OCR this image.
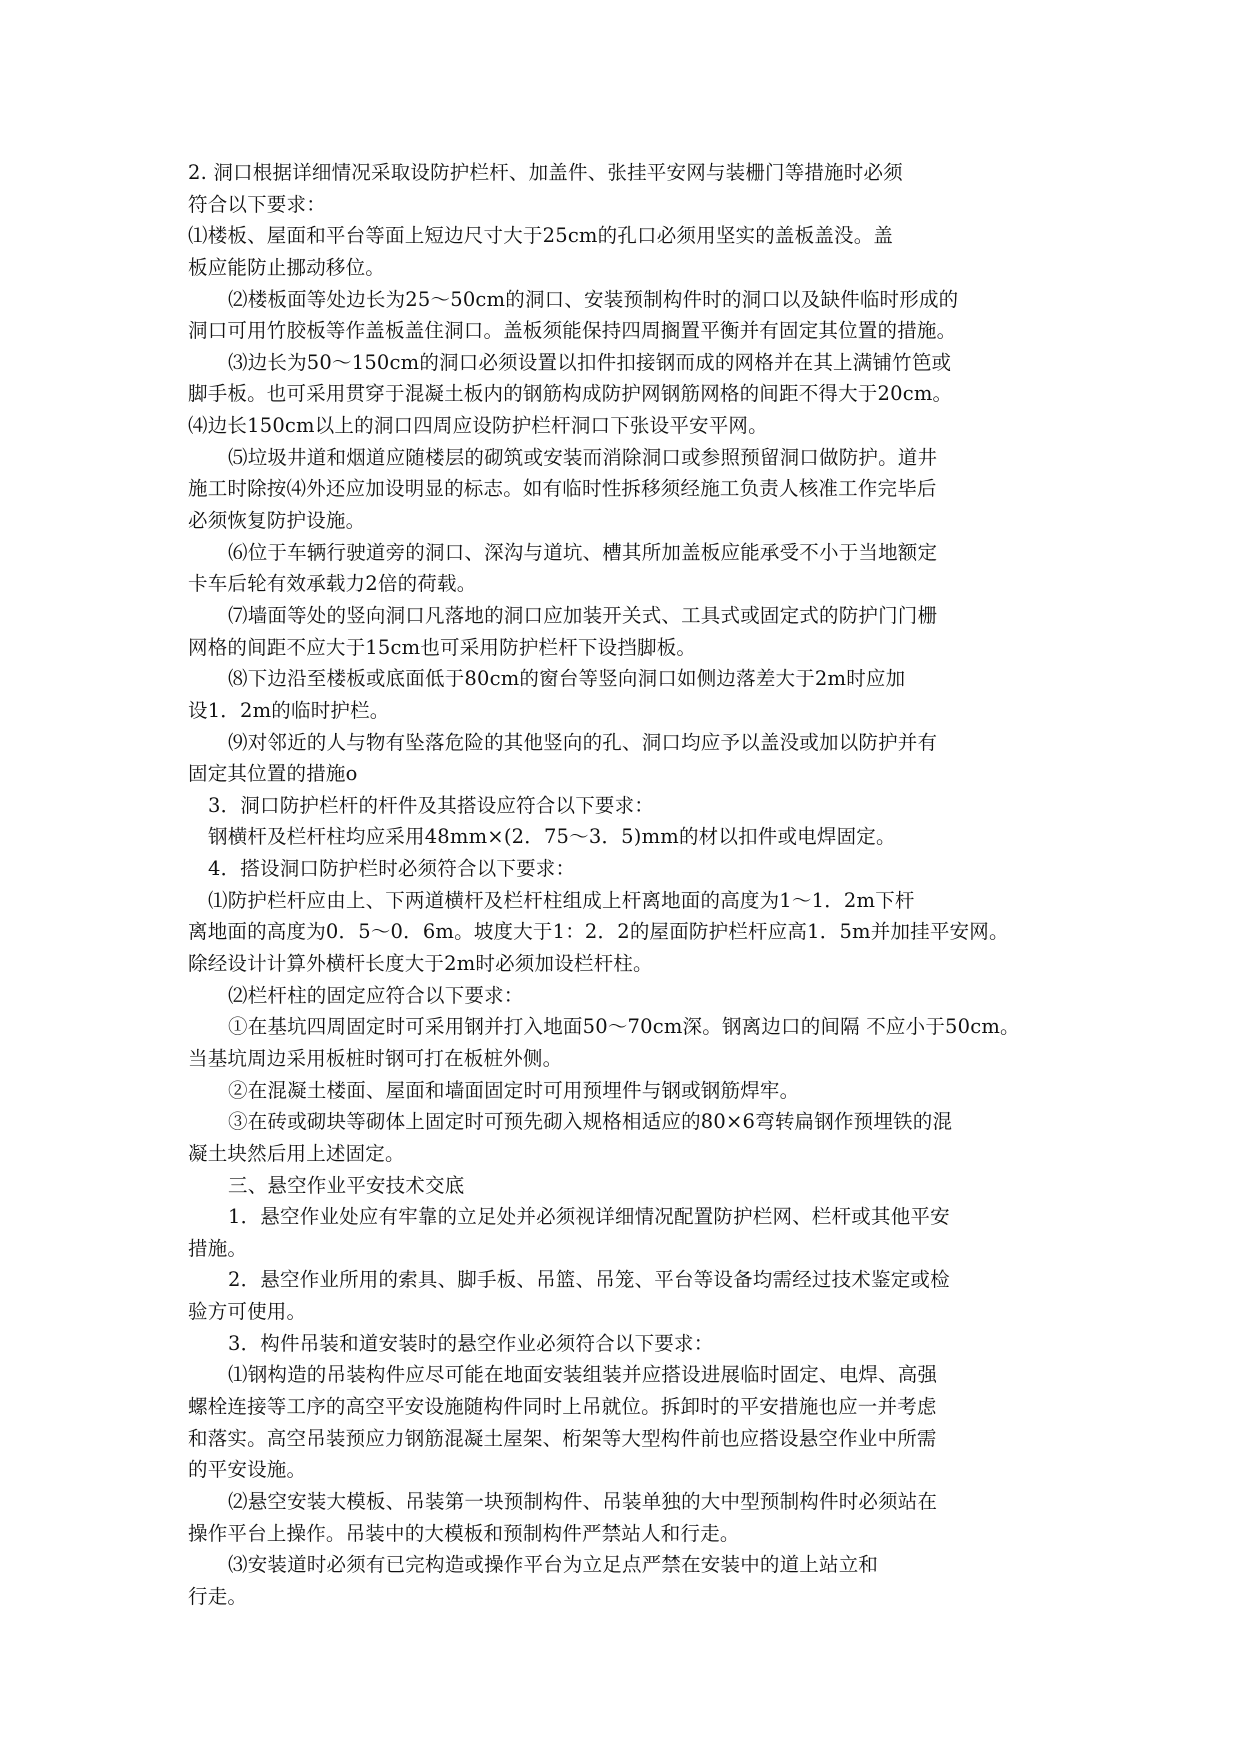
2. 洞口根据详细情况采取设防护栏杆、加盖件、张挂平安网与装栅门等措施时必须
符合以下要求：
⑴楼板、屋面和平台等面上短边尺寸大于25cm的孔口必须用坚实的盖板盖没。盖
板应能防止挪动移位。
⑵楼板面等处边长为25～50cm的洞口、安装预制构件时的洞口以及缺件临时形成的
洞口可用竹胶板等作盖板盖住洞口。盖板须能保持四周搁置平衡并有固定其位置的措施。
⑶边长为50～150cm的洞口必须设置以扣件扣接钢而成的网格并在其上满铺竹笆或
脚手板。也可采用贯穿于混凝土板内的钢筋构成防护网钢筋网格的间距不得大于20cm。
⑷边长150cm以上的洞口四周应设防护栏杆洞口下张设平安平网。
⑸垃圾井道和烟道应随楼层的砌筑或安装而消除洞口或参照预留洞口做防护。道井
施工时除按⑷外还应加设明显的标志。如有临时性拆移须经施工负责人核准工作完毕后
必须恢复防护设施。
⑹位于车辆行驶道旁的洞口、深沟与道坑、槽其所加盖板应能承受不小于当地额定
卡车后轮有效承载力2倍的荷载。
⑺墙面等处的竖向洞口凡落地的洞口应加装开关式、工具式或固定式的防护门门栅
网格的间距不应大于15cm也可采用防护栏杆下设挡脚板。
⑻下边沿至楼板或底面低于80cm的窗台等竖向洞口如侧边落差大于2m时应加
设1．2m的临时护栏。
⑼对邻近的人与物有坠落危险的其他竖向的孔、洞口均应予以盖没或加以防护并有
固定其位置的措施o
3．洞口防护栏杆的杆件及其搭设应符合以下要求：
钢横杆及栏杆柱均应采用48mm×(2．75～3．5)mm的材以扣件或电焊固定。
4．搭设洞口防护栏时必须符合以下要求：
⑴防护栏杆应由上、下两道横杆及栏杆柱组成上杆离地面的高度为1～1．2m下杆
离地面的高度为0．5～0．6m。坡度大于1：2．2的屋面防护栏杆应高1．5m并加挂平安网。
除经设计计算外横杆长度大于2m时必须加设栏杆柱。
⑵栏杆柱的固定应符合以下要求：
①在基坑四周固定时可采用钢并打入地面50～70cm深。钢离边口的间隔 不应小于50cm。
当基坑周边采用板桩时钢可打在板桩外侧。
②在混凝土楼面、屋面和墙面固定时可用预埋件与钢或钢筋焊牢。
③在砖或砌块等砌体上固定时可预先砌入规格相适应的80×6弯转扁钢作预埋铁的混
凝土块然后用上述固定。
三、悬空作业平安技术交底
1．悬空作业处应有牢靠的立足处并必须视详细情况配置防护栏网、栏杆或其他平安
措施。
2．悬空作业所用的索具、脚手板、吊篮、吊笼、平台等设备均需经过技术鉴定或检
验方可使用。
3．构件吊装和道安装时的悬空作业必须符合以下要求：
⑴钢构造的吊装构件应尽可能在地面安装组装并应搭设进展临时固定、电焊、高强
螺栓连接等工序的高空平安设施随构件同时上吊就位。拆卸时的平安措施也应一并考虑
和落实。高空吊装预应力钢筋混凝土屋架、桁架等大型构件前也应搭设悬空作业中所需
的平安设施。
⑵悬空安装大模板、吊装第一块预制构件、吊装单独的大中型预制构件时必须站在
操作平台上操作。吊装中的大模板和预制构件严禁站人和行走。
⑶安装道时必须有已完构造或操作平台为立足点严禁在安装中的道上站立和
行走。
